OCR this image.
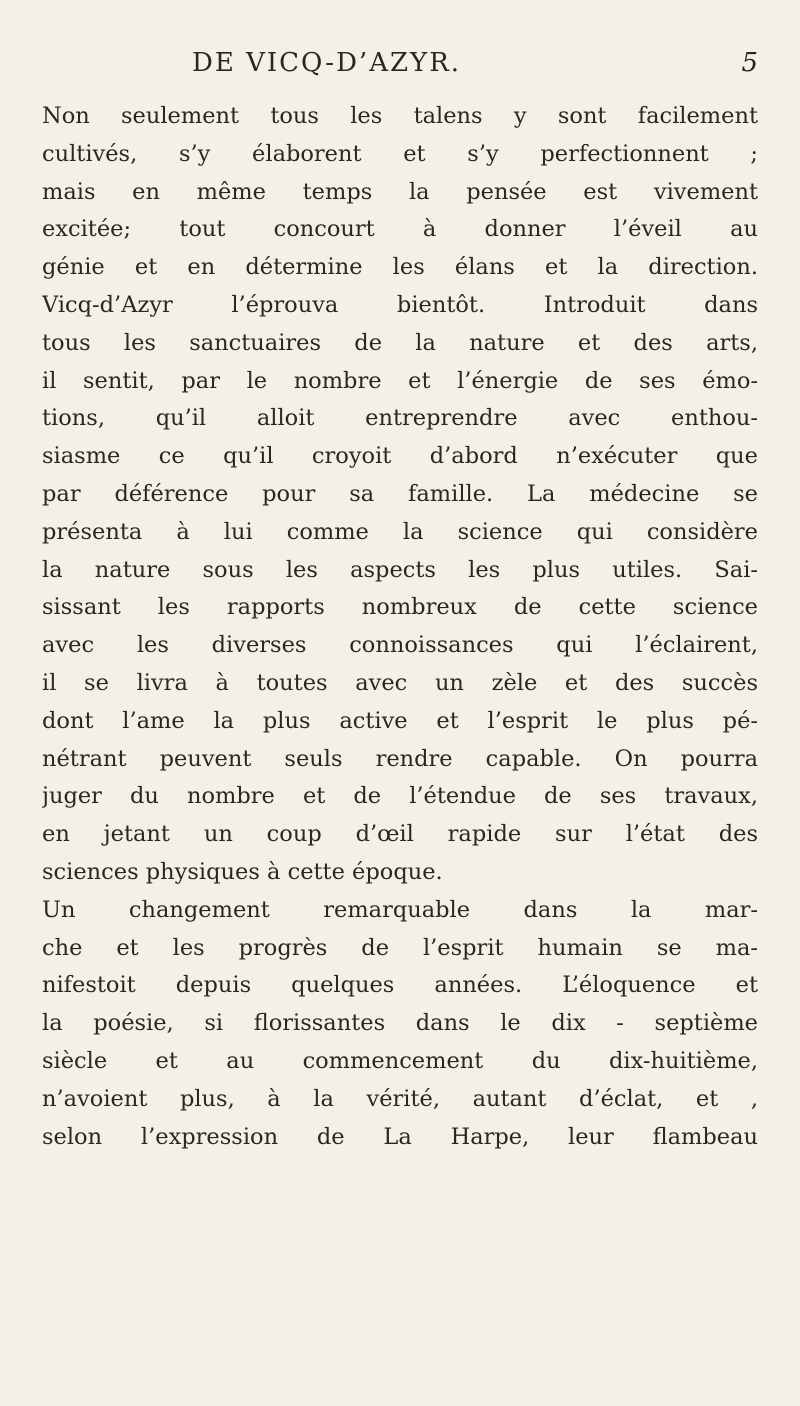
DE VICQ-D’AZYR.	5
Non seulement tous les talens y sont facilement
cultivés, s’y élaborent et s’y perfectionnent ;
mais en même temps la pensée est vivement
excitée; tout concourt à donner l’éveil au
génie et en détermine les élans et la direction.
Vicq-d’Azyr l’éprouva bientôt. Introduit dans
tous les sanctuaires de la nature et des arts,
il sentit, par le nombre et l’énergie de ses émo-
tions, qu’il alloit entreprendre avec enthou-
siasme ce qu’il croyoit d’abord n’exécuter que
par déférence pour sa famille. La médecine se
présenta à lui comme la science qui considère
la nature sous les aspects les plus utiles. Sai-
sissant les rapports nombreux de cette science
avec les diverses connoissances qui l’éclairent,
il se livra à toutes avec un zèle et des succès
dont l’ame la plus active et l’esprit le plus pé-
nétrant peuvent seuls rendre capable. On pourra
juger du nombre et de l’étendue de ses travaux,
en jetant un coup d’œil rapide sur l’état des
sciences physiques à cette époque.
Un changement remarquable dans la mar-
che et les progrès de l’esprit humain se ma-
nifestoit depuis quelques années. L’éloquence et
la poésie, si florissantes dans le dix - septième
siècle et au commencement du dix-huitième,
n’avoient plus, à la vérité, autant d’éclat, et ,
selon l’expression de La Harpe, leur flambeau
